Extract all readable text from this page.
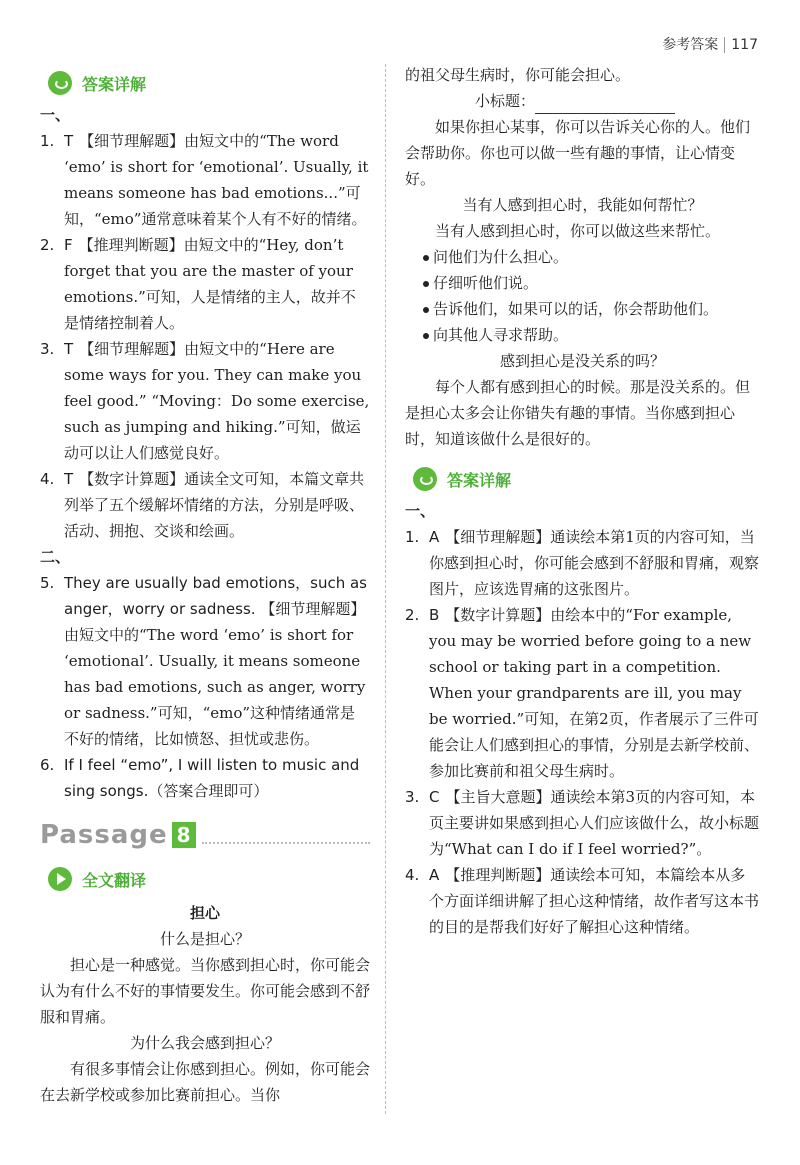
参考答案 117
答案详解
一、
1. T 【细节理解题】由短文中的“The word ‘emo’ is short for ‘emotional’. Usually, it means someone has bad emotions...”可知，“emo”通常意味着某个人有不好的情绪。

2. F 【推理判断题】由短文中的“Hey, don’t forget that you are the master of your emotions.”可知，人是情绪的主人，故并不是情绪控制着人。

3. T 【细节理解题】由短文中的“Here are some ways for you. They can make you feel good.” “Moving：Do some exercise, such as jumping and hiking.”可知，做运动可以让人们感觉良好。

4. T 【数字计算题】通读全文可知，本篇文章共列举了五个缓解坏情绪的方法，分别是呼吸、活动、拥抱、交谈和绘画。

二、
5. They are usually bad emotions，such as anger，worry or sadness. 【细节理解题】由短文中的“The word ‘emo’ is short for ‘emotional’. Usually, it means someone has bad emotions, such as anger, worry or sadness.”可知，“emo”这种情绪通常是不好的情绪，比如愤怒、担忧或悲伤。

6. If I feel “emo”, I will listen to music and sing songs.（答案合理即可）

Passage 8
全文翻译

担心

什么是担心？

担心是一种感觉。当你感到担心时，你可能会认为有什么不好的事情要发生。你可能会感到不舒服和胃痛。

为什么我会感到担心？

有很多事情会让你感到担心。例如，你可能会在去新学校或参加比赛前担心。当你

的祖父母生病时，你可能会担心。

小标题：

如果你担心某事，你可以告诉关心你的人。他们会帮助你。你也可以做一些有趣的事情，让心情变好。

当有人感到担心时，我能如何帮忙？

当有人感到担心时，你可以做这些来帮忙。

问他们为什么担心。

仔细听他们说。

告诉他们，如果可以的话，你会帮助他们。

向其他人寻求帮助。

感到担心是没关系的吗？

每个人都有感到担心的时候。那是没关系的。但是担心太多会让你错失有趣的事情。当你感到担心时，知道该做什么是很好的。

答案详解
一、
1. A 【细节理解题】通读绘本第1页的内容可知，当你感到担心时，你可能会感到不舒服和胃痛，观察图片，应该选胃痛的这张图片。

2. B 【数字计算题】由绘本中的“For example, you may be worried before going to a new school or taking part in a competition. When your grandparents are ill, you may be worried.”可知，在第2页，作者展示了三件可能会让人们感到担心的事情，分别是去新学校前、参加比赛前和祖父母生病时。

3. C 【主旨大意题】通读绘本第3页的内容可知，本页主要讲如果感到担心人们应该做什么，故小标题为“What can I do if I feel worried?”。

4. A 【推理判断题】通读绘本可知，本篇绘本从多个方面详细讲解了担心这种情绪，故作者写这本书的目的是帮我们好好了解担心这种情绪。
